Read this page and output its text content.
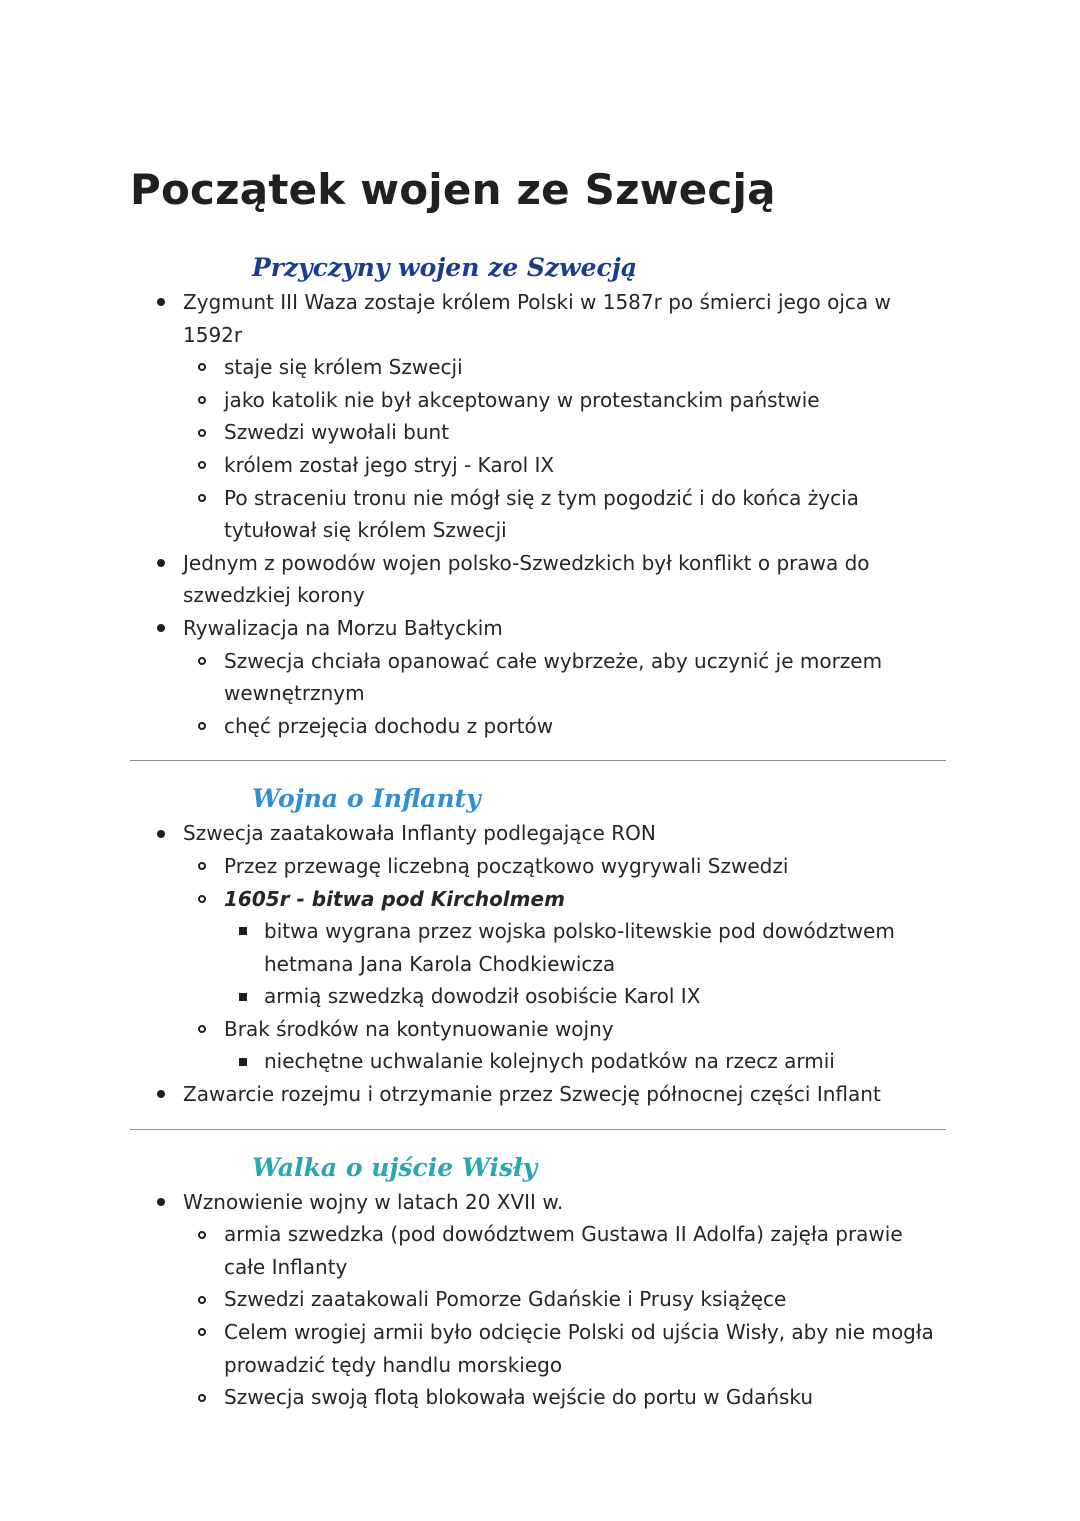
Początek wojen ze Szwecją
Przyczyny wojen ze Szwecją
Zygmunt III Waza zostaje królem Polski w 1587r po śmierci jego ojca w 1592r
staje się królem Szwecji
jako katolik nie był akceptowany w protestanckim państwie
Szwedzi wywołali bunt
królem został jego stryj - Karol IX
Po straceniu tronu nie mógł się z tym pogodzić i do końca życia tytułował się królem Szwecji
Jednym z powodów wojen polsko-Szwedzkich był konflikt o prawa do szwedzkiej korony
Rywalizacja na Morzu Bałtyckim
Szwecja chciała opanować całe wybrzeże, aby uczynić je morzem wewnętrznym
chęć przejęcia dochodu z portów
Wojna o Inflanty
Szwecja zaatakowała Inflanty podlegające RON
Przez przewagę liczebną początkowo wygrywali Szwedzi
1605r - bitwa pod Kircholmem
bitwa wygrana przez wojska polsko-litewskie pod dowództwem hetmana Jana Karola Chodkiewicza
armią szwedzką dowodził osobiście Karol IX
Brak środków na kontynuowanie wojny
niechętne uchwalanie kolejnych podatków na rzecz armii
Zawarcie rozejmu i otrzymanie przez Szwecję północnej części Inflant
Walka o ujście Wisły
Wznowienie wojny w latach 20 XVII w.
armia szwedzka (pod dowództwem Gustawa II Adolfa) zajęła prawie całe Inflanty
Szwedzi zaatakowali Pomorze Gdańskie i Prusy książęce
Celem wrogiej armii było odcięcie Polski od ujścia Wisły, aby nie mogła prowadzić tędy handlu morskiego
Szwecja swoją flotą blokowała wejście do portu w Gdańsku
